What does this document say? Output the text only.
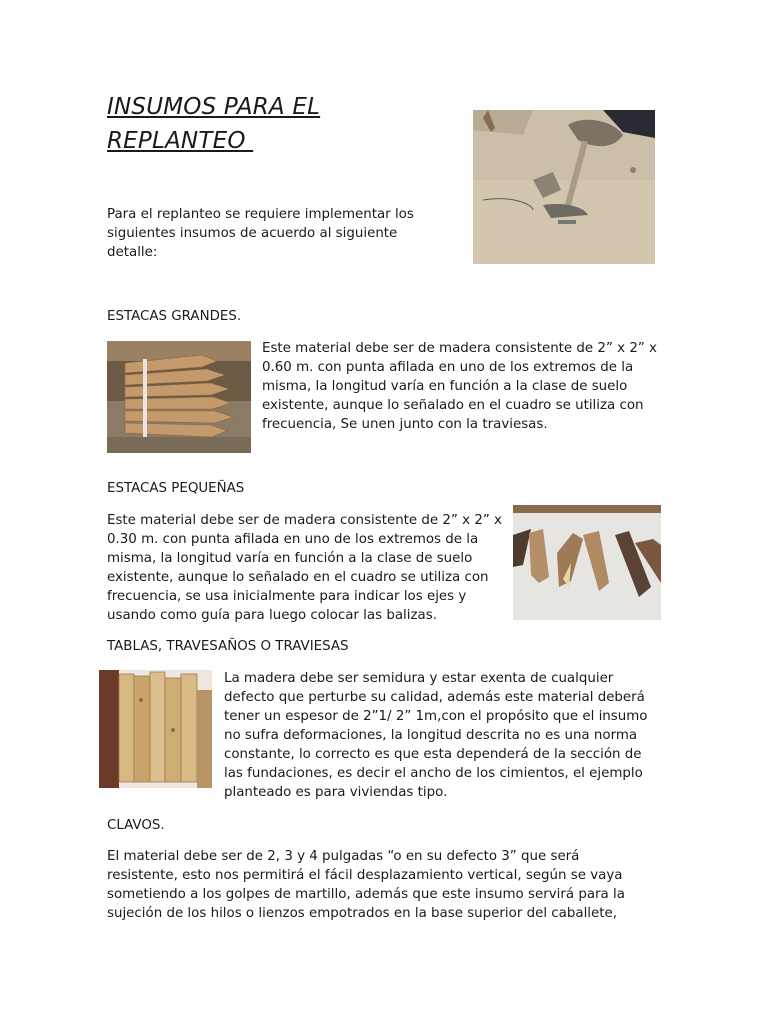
INSUMOS PARA EL
REPLANTEO

Para el replanteo se requiere implementar los siguientes insumos de acuerdo al siguiente detalle:

ESTACAS GRANDES.

Este material debe ser de madera consistente de 2” x 2” x 0.60 m. con punta afilada en uno de los extremos de la misma, la longitud varía en función a la clase de suelo existente, aunque lo señalado en el cuadro se utiliza con frecuencia, Se unen junto con la traviesas.

ESTACAS PEQUEÑAS

Este material debe ser de madera consistente de 2” x 2” x 0.30 m. con punta afilada en uno de los extremos de la misma, la longitud varía en función a la clase de suelo existente, aunque lo señalado en el cuadro se utiliza con frecuencia, se usa inicialmente para indicar los ejes y usando como guía para luego colocar las balizas.

TABLAS, TRAVESAÑOS O TRAVIESAS

La madera debe ser semidura y estar exenta de cualquier defecto que perturbe su calidad, además este material deberá tener un espesor de 2”1/ 2” 1m,con el propósito que el insumo no sufra deformaciones, la longitud descrita no es una norma constante, lo correcto es que esta dependerá de la sección de las fundaciones, es decir el ancho de los cimientos, el ejemplo planteado es para viviendas tipo.

CLAVOS.

El material debe ser de 2, 3 y 4 pulgadas “o en su defecto 3” que será resistente, esto nos permitirá el fácil desplazamiento vertical, según se vaya sometiendo a los golpes de martillo, además que este insumo servirá para la sujeción de los hilos o lienzos empotrados en la base superior del caballete,
